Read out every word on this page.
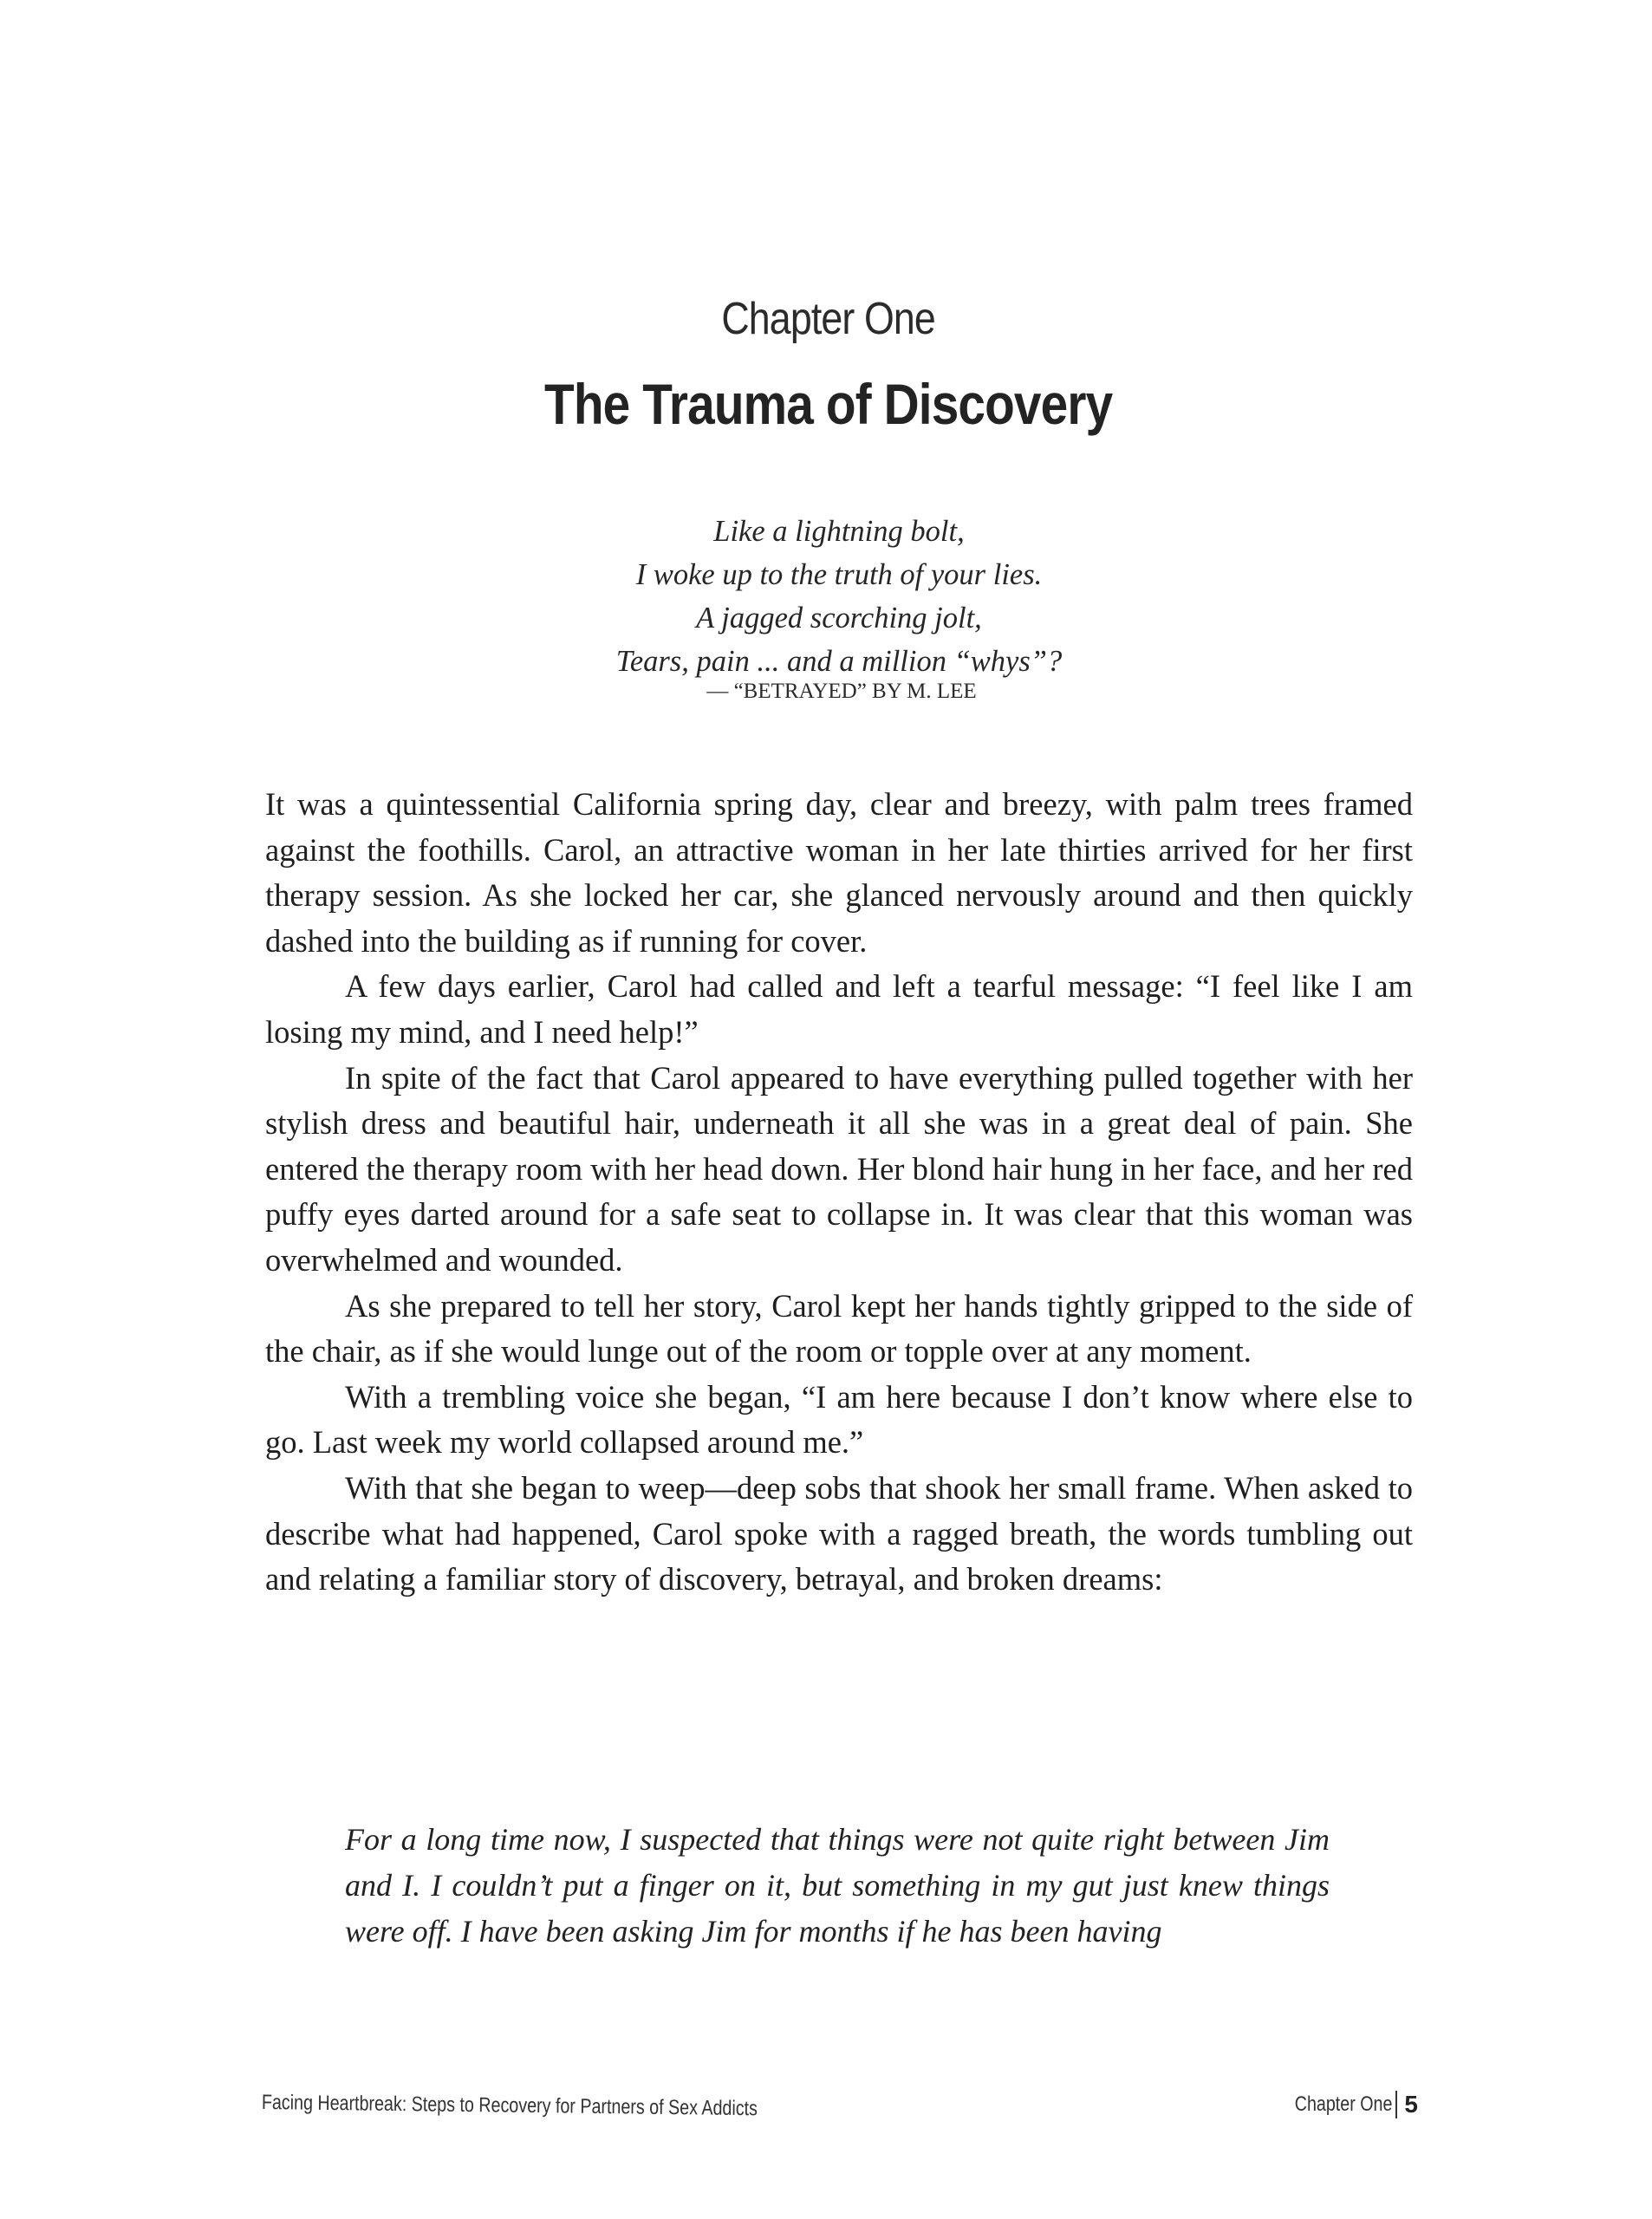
Chapter One
The Trauma of Discovery
Like a lightning bolt,
I woke up to the truth of your lies.
A jagged scorching jolt,
Tears, pain ... and a million “whys”?
— “BETRAYED” BY M. LEE

It was a quintessential California spring day, clear and breezy, with palm trees framed against the foothills. Carol, an attractive woman in her late thirties arrived for her first therapy session. As she locked her car, she glanced nervously around and then quickly dashed into the building as if running for cover.

A few days earlier, Carol had called and left a tearful message: “I feel like I am losing my mind, and I need help!”

In spite of the fact that Carol appeared to have everything pulled together with her stylish dress and beautiful hair, underneath it all she was in a great deal of pain. She entered the therapy room with her head down. Her blond hair hung in her face, and her red puffy eyes darted around for a safe seat to collapse in. It was clear that this woman was overwhelmed and wounded.

As she prepared to tell her story, Carol kept her hands tightly gripped to the side of the chair, as if she would lunge out of the room or topple over at any moment.

With a trembling voice she began, “I am here because I don’t know where else to go. Last week my world collapsed around me.”

With that she began to weep—deep sobs that shook her small frame. When asked to describe what had happened, Carol spoke with a ragged breath, the words tumbling out and relating a familiar story of discovery, betrayal, and broken dreams:

For a long time now, I suspected that things were not quite right between Jim and I. I couldn’t put a finger on it, but something in my gut just knew things were off. I have been asking Jim for months if he has been having

Facing Heartbreak: Steps to Recovery for Partners of Sex Addicts	Chapter One 5
